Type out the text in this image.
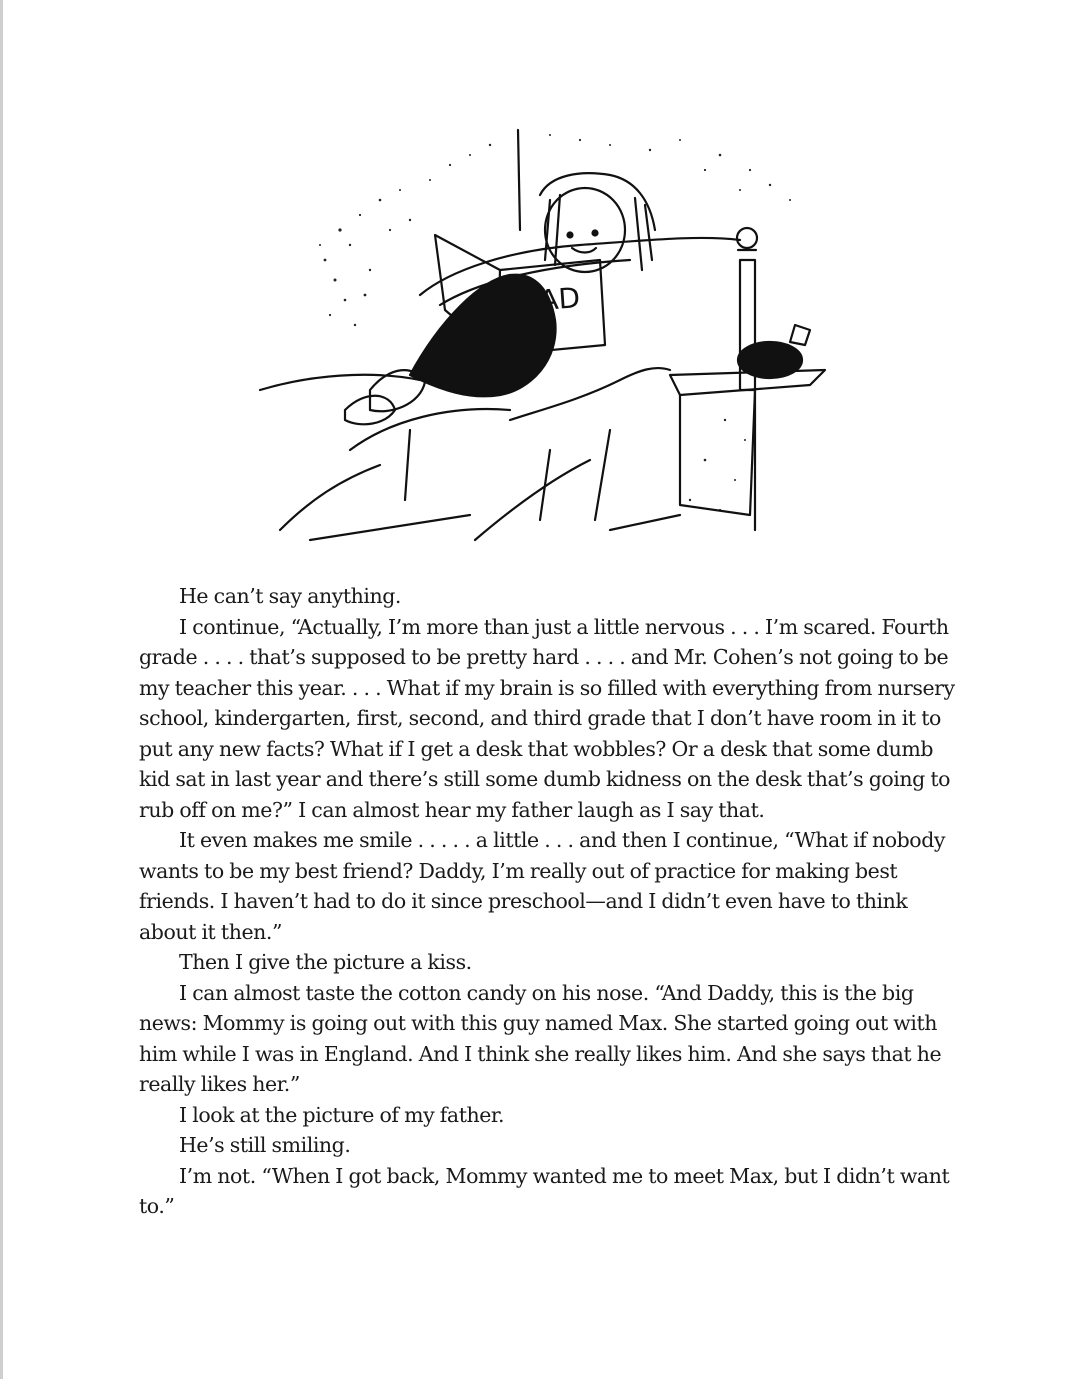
AD

He can’t say anything.

I continue, “Actually, I’m more than just a little nervous . . . I’m scared. Fourth grade . . . . that’s supposed to be pretty hard . . . . and Mr. Cohen’s not going to be my teacher this year. . . . What if my brain is so filled with everything from nursery school, kindergarten, first, second, and third grade that I don’t have room in it to put any new facts? What if I get a desk that wobbles? Or a desk that some dumb kid sat in last year and there’s still some dumb kidness on the desk that’s going to rub off on me?” I can almost hear my father laugh as I say that.

It even makes me smile . . . . . a little . . . and then I continue, “What if nobody wants to be my best friend? Daddy, I’m really out of practice for making best friends. I haven’t had to do it since preschool—and I didn’t even have to think about it then.”

Then I give the picture a kiss.

I can almost taste the cotton candy on his nose. “And Daddy, this is the big news: Mommy is going out with this guy named Max. She started going out with him while I was in England. And I think she really likes him. And she says that he really likes her.”

I look at the picture of my father.

He’s still smiling.

I’m not. “When I got back, Mommy wanted me to meet Max, but I didn’t want to.”
